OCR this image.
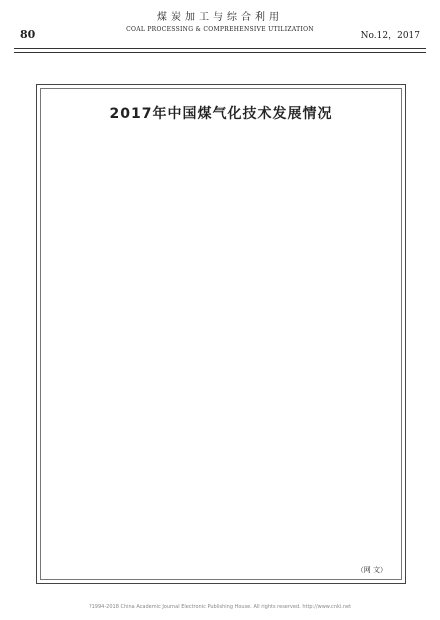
80
煤炭加工与综合利用
COAL PROCESSING & COMPREHENSIVE UTILIZATION
No.12，2017
2017年中国煤气化技术发展情况
（网 文）
?1994-2018 China Academic Journal Electronic Publishing House. All rights reserved. http://www.cnki.net
